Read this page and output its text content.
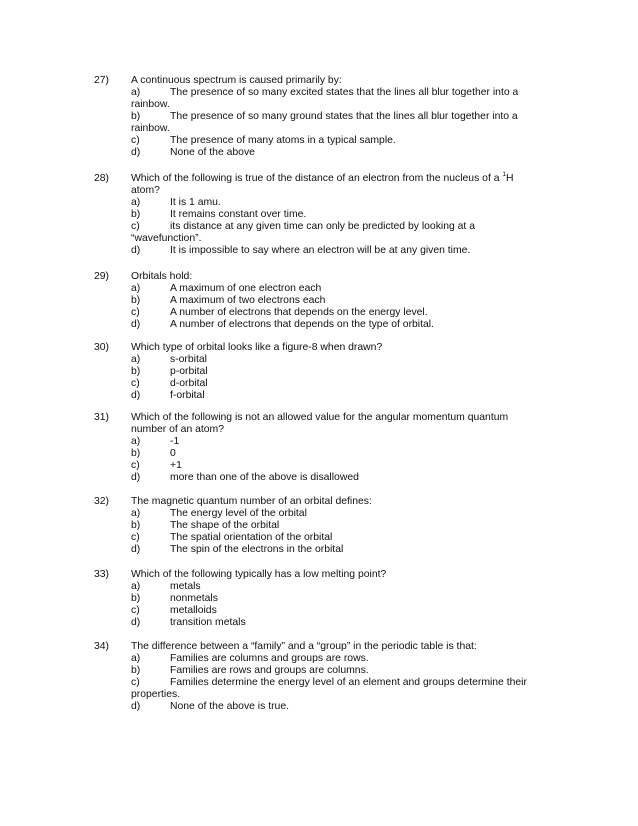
27) A continuous spectrum is caused primarily by:
a)	The presence of so many excited states that the lines all blur together into a
rainbow.
b)	The presence of so many ground states that the lines all blur together into a
rainbow.
c)	The presence of many atoms in a typical sample.
d)	None of the above
28) Which of the following is true of the distance of an electron from the nucleus of a $^1$H
atom?
a)	It is 1 amu.
b)	It remains constant over time.
c)	its distance at any given time can only be predicted by looking at a
“wavefunction”.
d)	It is impossible to say where an electron will be at any given time.
29) Orbitals hold:
a)	A maximum of one electron each
b)	A maximum of two electrons each
c)	A number of electrons that depends on the energy level.
d)	A number of electrons that depends on the type of orbital.
30) Which type of orbital looks like a figure-8 when drawn?
a)	s-orbital
b)	p-orbital
c)	d-orbital
d)	f-orbital
31) Which of the following is not an allowed value for the angular momentum quantum
number of an atom?
a)	-1
b)	0
c)	+1
d)	more than one of the above is disallowed
32) The magnetic quantum number of an orbital defines:
a)	The energy level of the orbital
b)	The shape of the orbital
c)	The spatial orientation of the orbital
d)	The spin of the electrons in the orbital
33) Which of the following typically has a low melting point?
a)	metals
b)	nonmetals
c)	metalloids
d)	transition metals
34) The difference between a “family” and a “group” in the periodic table is that:
a)	Families are columns and groups are rows.
b)	Families are rows and groups are columns.
c)	Families determine the energy level of an element and groups determine their
properties.
d)	None of the above is true.
